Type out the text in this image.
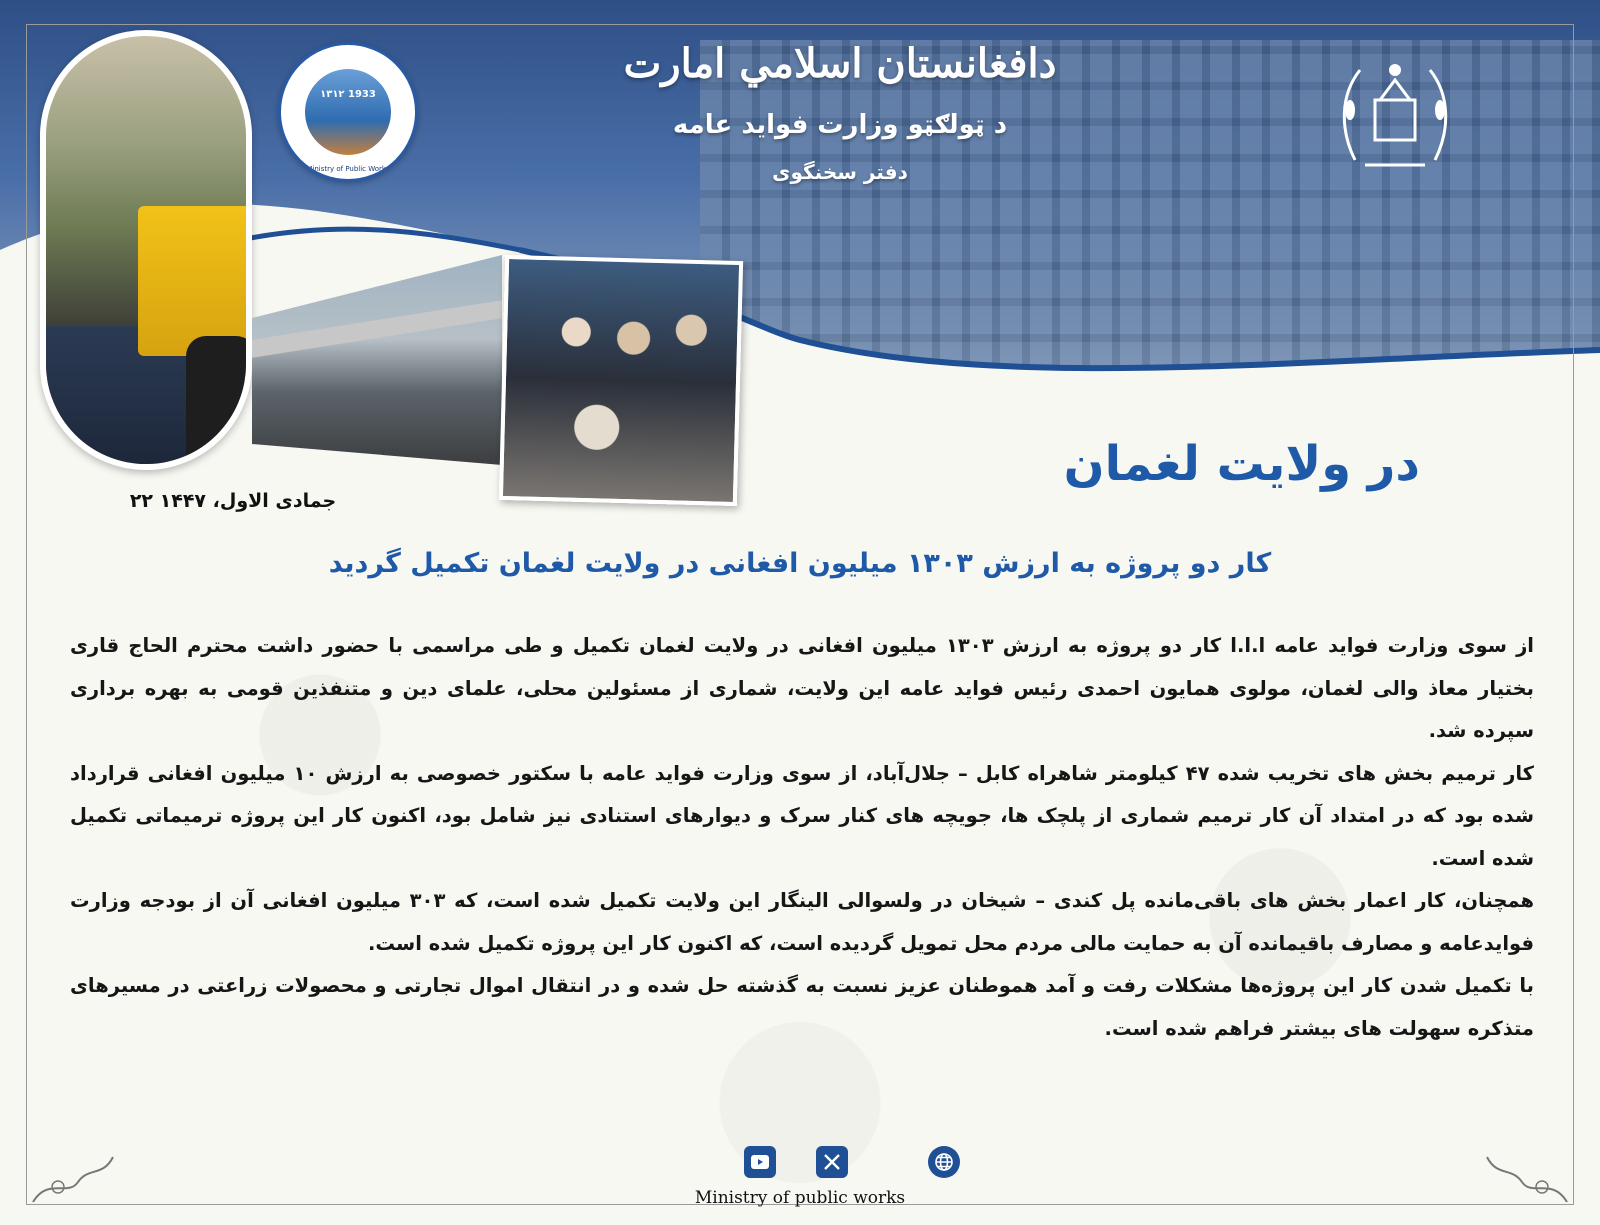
دافغانستان اسلامي امارت
د ټولګټو وزارت فواید عامه
دفتر سخنگوی
۱۳۱۲ 1933
Ministry of Public Works
۲۲ جمادی الاول، ۱۴۴۷
در ولایت لغمان
کار دو پروژه به ارزش ۱۳۰۳ میلیون افغانی در ولایت لغمان تکمیل گردید

از سوی وزارت فواید عامه ا.ا.ا کار دو پروژه به ارزش ۱۳۰۳ میلیون افغانی در ولایت لغمان تکمیل و طی مراسمی با حضور داشت محترم الحاج قاری بختیار معاذ والی لغمان، مولوی همایون احمدی رئیس فواید عامه این ولایت، شماری از مسئولین محلی، علمای دین و متنفذین قومی به بهره برداری سپرده شد.

کار ترمیم بخش های تخریب شده ۴۷ کیلومتر شاهراه کابل – جلال‌آباد، از سوی وزارت فواید عامه با سکتور خصوصی به ارزش ۱۰ میلیون افغانی قرارداد شده بود که در امتداد آن کار ترمیم شماری از پلچک ها، جویچه‌ های کنار سرک و دیوارهای استنادی نیز شامل بود، اکنون کار این پروژه ترمیماتی تکمیل شده است.

همچنان، کار اعمار بخش های باقی‌مانده پل کندی – شیخان در ولسوالی الینگار این ولایت تکمیل شده است، که ۳۰۳ میلیون افغانی آن از بودجه وزارت فوایدعامه و مصارف باقیمانده آن به حمایت مالی مردم محل تمویل گردیده است، که اکنون کار این پروژه تکمیل شده است.

با تکمیل شدن کار این پروژه‌ها مشکلات رفت و آمد هموطنان عزیز نسبت به گذشته حل شده و در انتقال اموال تجارتی و محصولات زراعتی در مسیرهای متذکره سهولت های بیشتر فراهم شده است.

Ministry of public works
